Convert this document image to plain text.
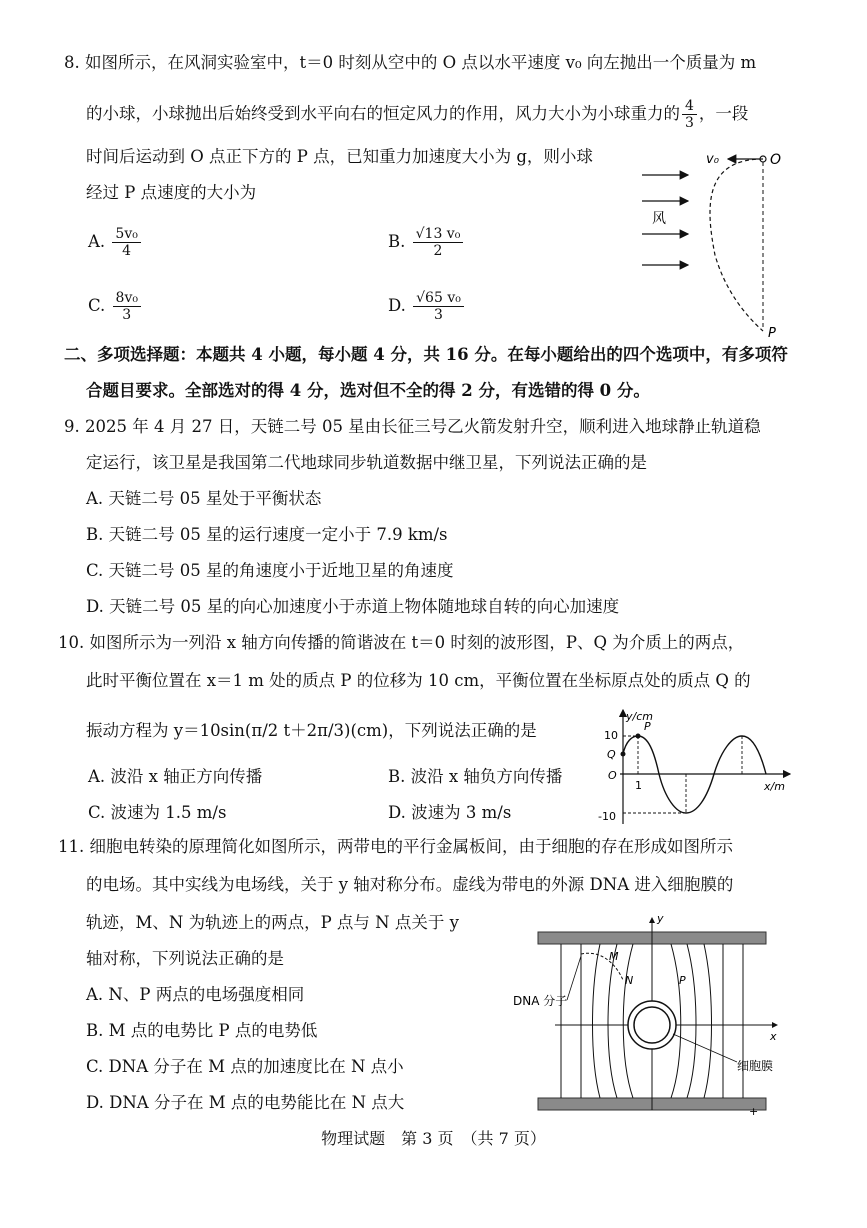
8. 如图所示，在风洞实验室中，t＝0 时刻从空中的 O 点以水平速度 v₀ 向左抛出一个质量为 m
的小球，小球抛出后始终受到水平向右的恒定风力的作用，风力大小为小球重力的 $\frac{4}{3}$ ，一段
时间后运动到 O 点正下方的 P 点，已知重力加速度大小为 g，则小球
经过 P 点速度的大小为
A. $\frac{\text{5v₀}}{4}$	B. $\frac{\text{√13 v₀}}{2}$
C. $\frac{\text{8v₀}}{3}$	D. $\frac{\text{√65 v₀}}{3}$
v₀	O
风
P
二、多项选择题：本题共 4 小题，每小题 4 分，共 16 分。在每小题给出的四个选项中，有多项符
合题目要求。全部选对的得 4 分，选对但不全的得 2 分，有选错的得 0 分。
9. 2025 年 4 月 27 日，天链二号 05 星由长征三号乙火箭发射升空，顺利进入地球静止轨道稳
定运行，该卫星是我国第二代地球同步轨道数据中继卫星，下列说法正确的是
A. 天链二号 05 星处于平衡状态
B. 天链二号 05 星的运行速度一定小于 7.9 km/s
C. 天链二号 05 星的角速度小于近地卫星的角速度
D. 天链二号 05 星的向心加速度小于赤道上物体随地球自转的向心加速度
10. 如图所示为一列沿 x 轴方向传播的简谐波在 t＝0 时刻的波形图，P、Q 为介质上的两点，
此时平衡位置在 x＝1 m 处的质点 P 的位移为 10 cm，平衡位置在坐标原点处的质点 Q 的
振动方程为 y＝10sin(π/2 t＋2π/3)(cm)，下列说法正确的是
A. 波沿 x 轴正方向传播	B. 波沿 x 轴负方向传播
C. 波速为 1.5 m/s	D. 波速为 3 m/s
y/cm
x/m
10
Q
O
1
-10
P
11. 细胞电转染的原理简化如图所示，两带电的平行金属板间，由于细胞的存在形成如图所示
的电场。其中实线为电场线，关于 y 轴对称分布。虚线为带电的外源 DNA 进入细胞膜的
轨迹，M、N 为轨迹上的两点，P 点与 N 点关于 y
轴对称，下列说法正确的是
A. N、P 两点的电场强度相同
B. M 点的电势比 P 点的电势低
C. DNA 分子在 M 点的加速度比在 N 点小
D. DNA 分子在 M 点的电势能比在 N 点大
y
x
M
N	P
DNA 分子
细胞膜
+
物理试题　第 3 页　（共 7 页）
